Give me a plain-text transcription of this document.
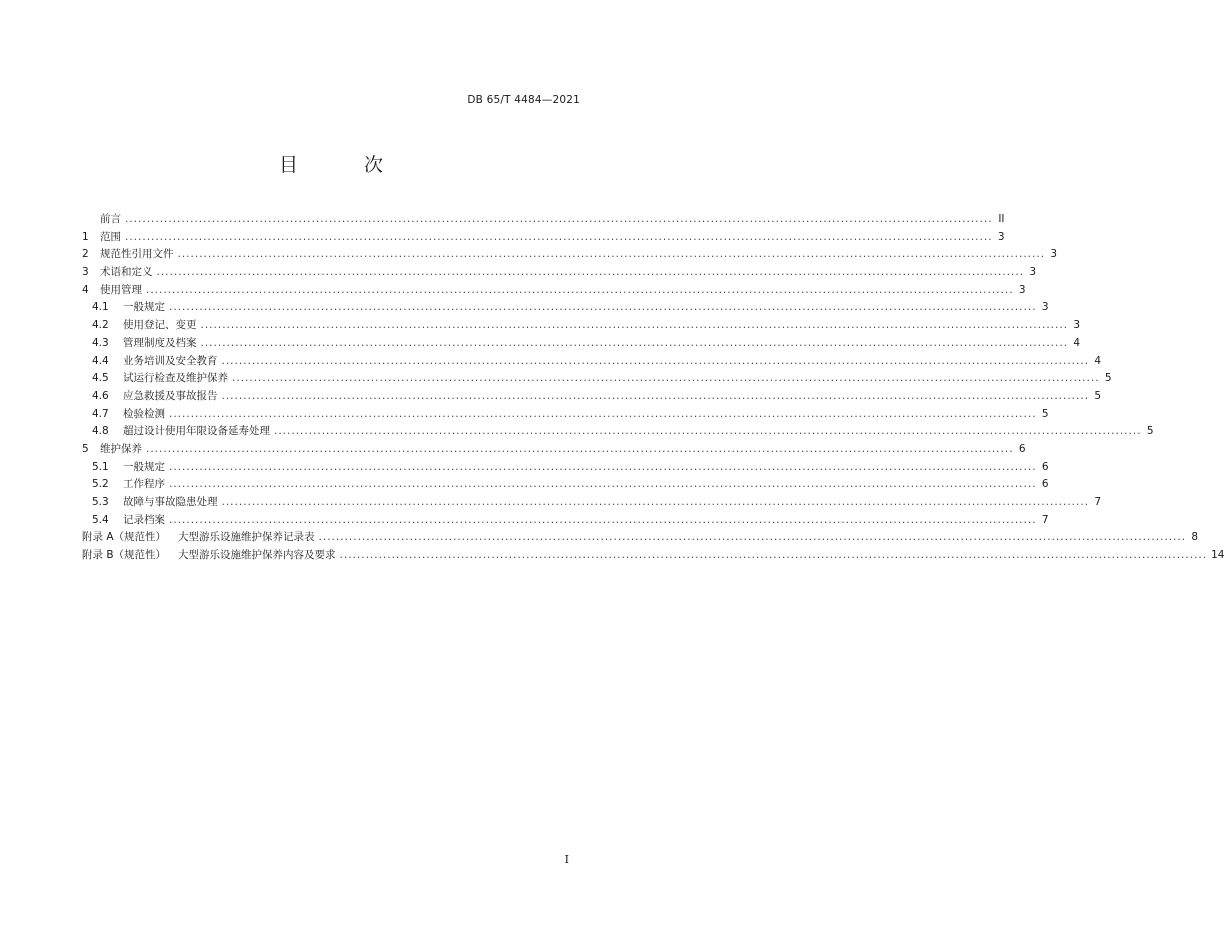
DB 65/T 4484—2021
目 次
前言 ........................................................................................................................................................................................................ II
1	范围 ........................................................................................................................................................................................................ 3
2	规范性引用文件 ........................................................................................................................................................................................................ 3
3	术语和定义 ........................................................................................................................................................................................................ 3
4	使用管理 ........................................................................................................................................................................................................ 3
4.1	一般规定 ........................................................................................................................................................................................................ 3
4.2	使用登记、变更 ........................................................................................................................................................................................................ 3
4.3	管理制度及档案 ........................................................................................................................................................................................................ 4
4.4	业务培训及安全教育 ........................................................................................................................................................................................................ 4
4.5	试运行检查及维护保养 ........................................................................................................................................................................................................ 5
4.6	应急救援及事故报告 ........................................................................................................................................................................................................ 5
4.7	检验检测 ........................................................................................................................................................................................................ 5
4.8	超过设计使用年限设备延寿处理 ........................................................................................................................................................................................................ 5
5	维护保养 ........................................................................................................................................................................................................ 6
5.1	一般规定 ........................................................................................................................................................................................................ 6
5.2	工作程序 ........................................................................................................................................................................................................ 6
5.3	故障与事故隐患处理 ........................................................................................................................................................................................................ 7
5.4	记录档案 ........................................................................................................................................................................................................ 7
附录 A（规范性） 大型游乐设施维护保养记录表 ........................................................................................................................................................................................................ 8
附录 B（规范性） 大型游乐设施维护保养内容及要求 ........................................................................................................................................................................................................ 14
I
